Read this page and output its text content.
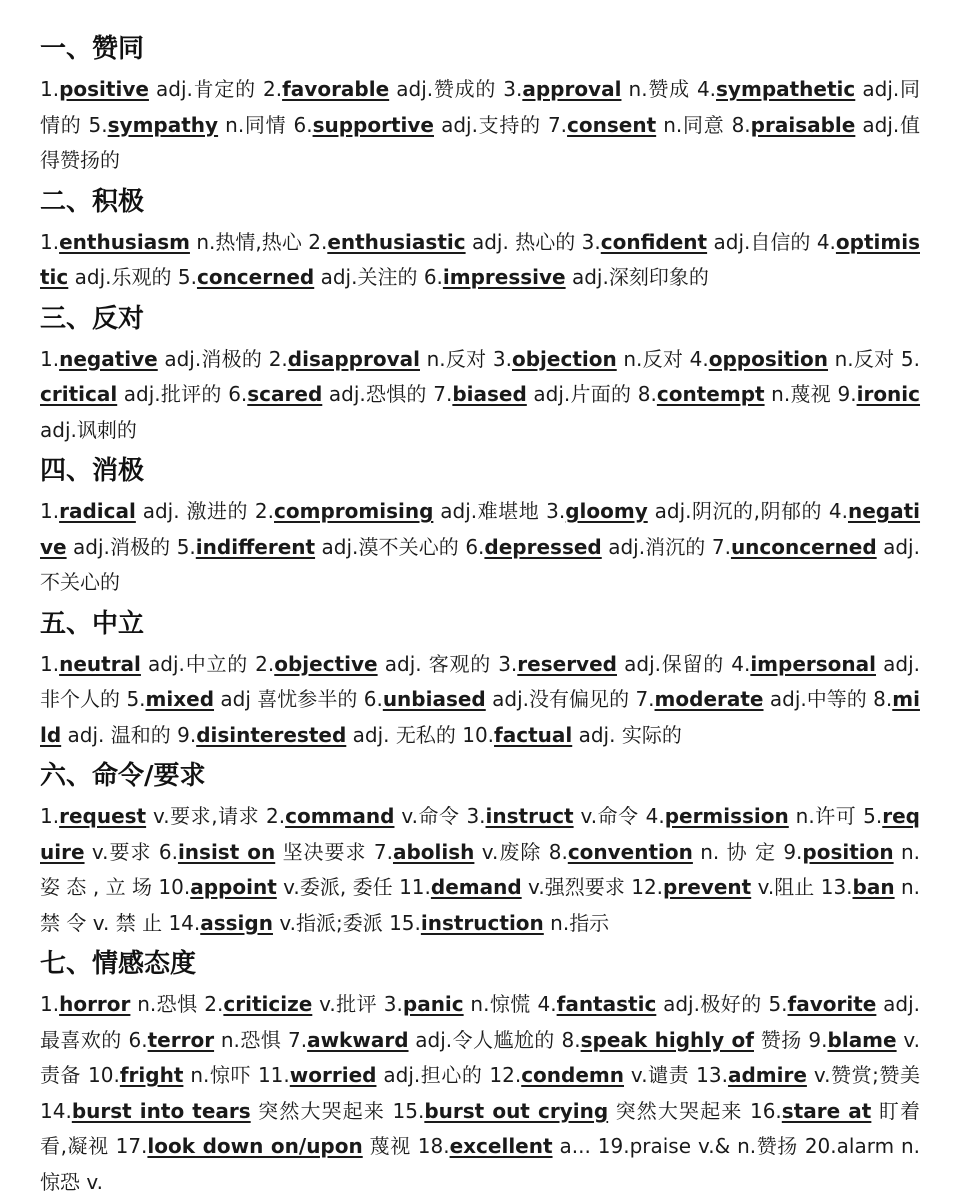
一、赞同
1.positive adj.肯定的 2.favorable adj.赞成的 3.approval n.赞成 4.sympathetic adj.同情的 5.sympathy n.同情 6.supportive adj.支持的 7.consent n.同意 8.praisable adj.值得赞扬的
二、积极
1.enthusiasm n.热情,热心 2.enthusiastic adj. 热心的 3.confident adj.自信的 4.optimistic adj.乐观的 5.concerned adj.关注的 6.impressive adj.深刻印象的
三、反对
1.negative adj.消极的 2.disapproval n.反对 3.objection n.反对 4.opposition n.反对 5.critical adj.批评的 6.scared adj.恐惧的 7.biased adj.片面的 8.contempt n.蔑视 9.ironic adj.讽刺的
四、消极
1.radical adj. 激进的 2.compromising adj.难堪地 3.gloomy adj.阴沉的,阴郁的 4.negative adj.消极的 5.indifferent adj.漠不关心的 6.depressed adj.消沉的 7.unconcerned adj.不关心的
五、中立
1.neutral adj.中立的 2.objective adj. 客观的 3.reserved adj.保留的 4.impersonal adj.非个人的 5.mixed adj 喜忧参半的 6.unbiased adj.没有偏见的 7.moderate adj.中等的 8.mild adj. 温和的 9.disinterested adj. 无私的 10.factual adj. 实际的
六、命令/要求
1.request v.要求,请求 2.command v.命令 3.instruct v.命令 4.permission n.许可 5.require v.要求 6.insist on 坚决要求 7.abolish v.废除 8.convention n. 协 定 9.position n. 姿 态 , 立 场 10.appoint v.委派, 委任 11.demand v.强烈要求 12.prevent v.阻止 13.ban n. 禁 令 v. 禁 止 14.assign v.指派;委派 15.instruction n.指示
七、情感态度
1.horror n.恐惧 2.criticize v.批评 3.panic n.惊慌 4.fantastic adj.极好的 5.favorite adj.最喜欢的 6.terror n.恐惧 7.awkward adj.令人尴尬的 8.speak highly of 赞扬 9.blame v.责备 10.fright n.惊吓 11.worried adj.担心的 12.condemn v.谴责 13.admire v.赞赏;赞美 14.burst into tears 突然大哭起来 15.burst out crying 突然大哭起来 16.stare at 盯着看,凝视 17.look down on/upon 蔑视 18.excellent a... 19.praise v.& n.赞扬 20.alarm n.惊恐 v.
